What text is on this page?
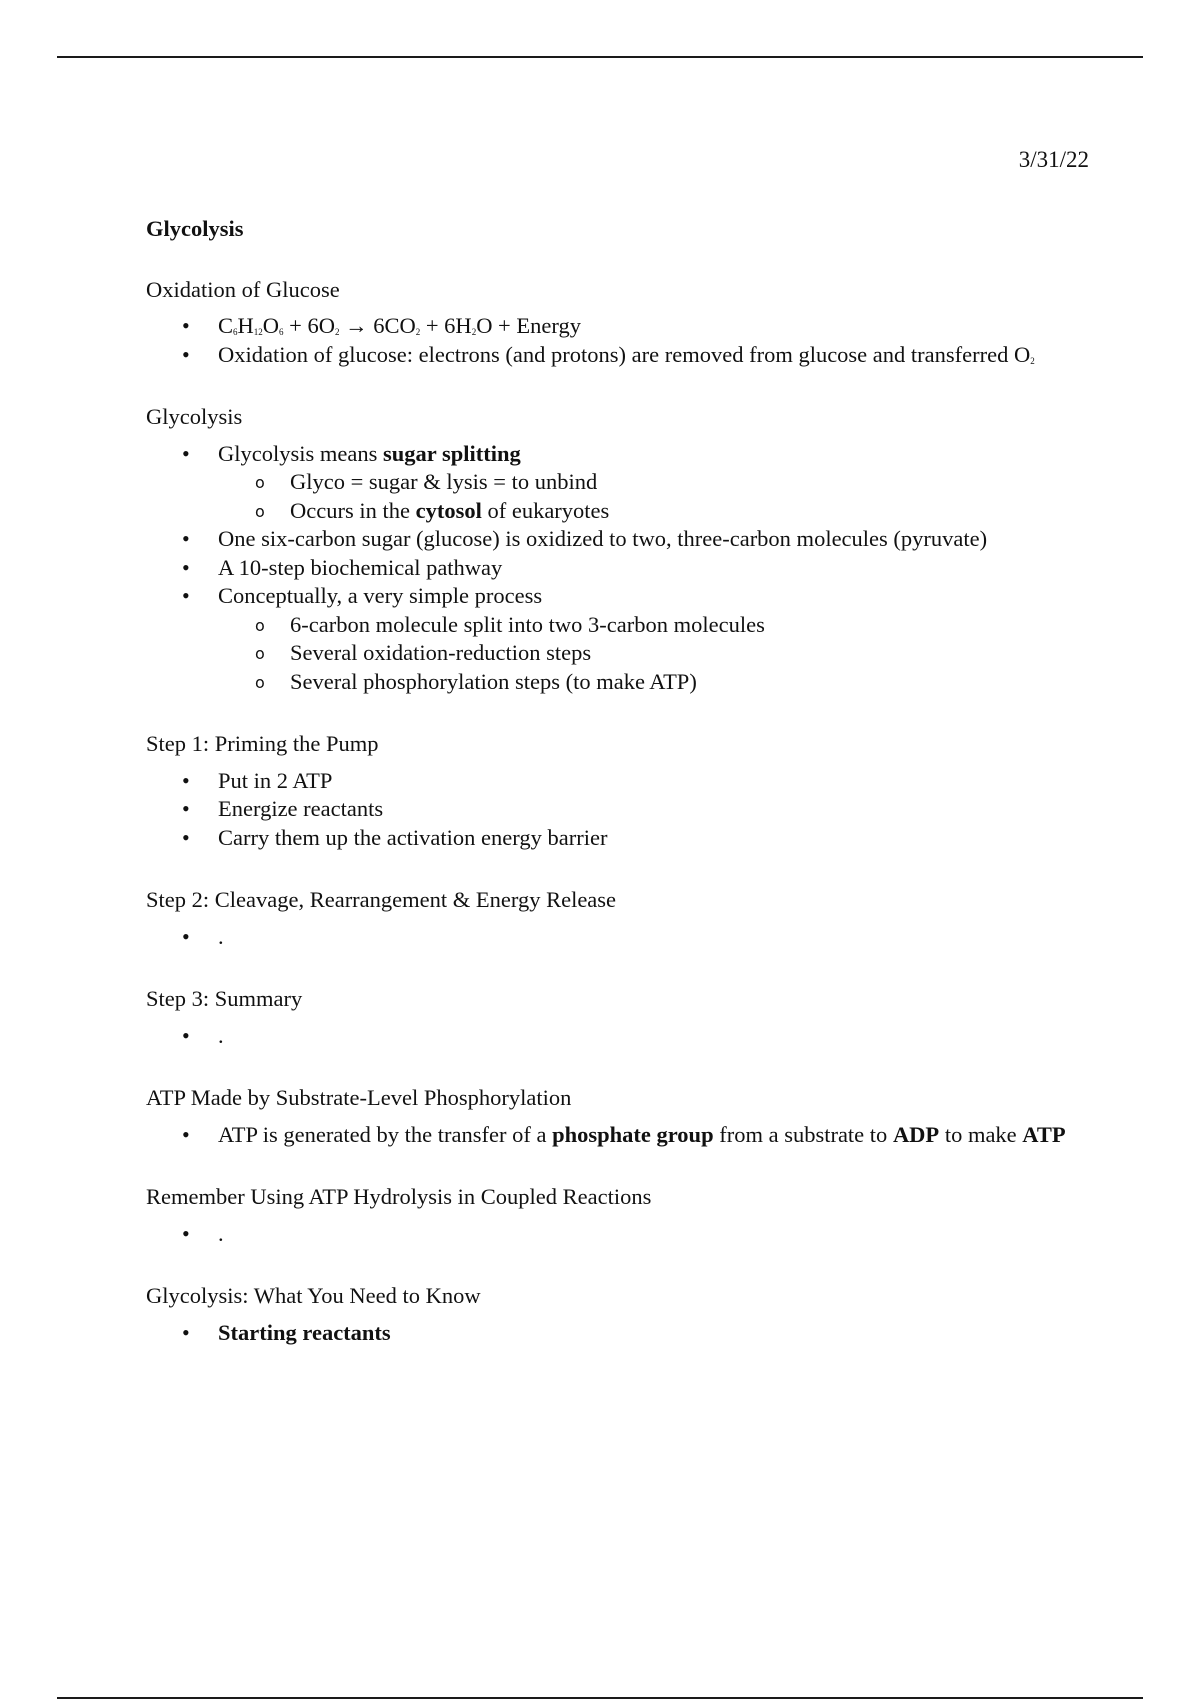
3/31/22
Glycolysis
Oxidation of Glucose
• $C_6H_{12}O_6 + 6O_2 \to 6CO_2 + 6H_2O$ + Energy
• Oxidation of glucose: electrons (and protons) are removed from glucose and transferred $O_2$
Glycolysis
• Glycolysis means sugar splitting
o Glyco = sugar & lysis = to unbind
o Occurs in the cytosol of eukaryotes
• One six-carbon sugar (glucose) is oxidized to two, three-carbon molecules (pyruvate)
• A 10-step biochemical pathway
• Conceptually, a very simple process
o 6-carbon molecule split into two 3-carbon molecules
o Several oxidation-reduction steps
o Several phosphorylation steps (to make ATP)
Step 1: Priming the Pump
• Put in 2 ATP
• Energize reactants
• Carry them up the activation energy barrier
Step 2: Cleavage, Rearrangement & Energy Release
• .
Step 3: Summary
• .
ATP Made by Substrate-Level Phosphorylation
• ATP is generated by the transfer of a phosphate group from a substrate to ADP to make ATP
Remember Using ATP Hydrolysis in Coupled Reactions
• .
Glycolysis: What You Need to Know
• Starting reactants
